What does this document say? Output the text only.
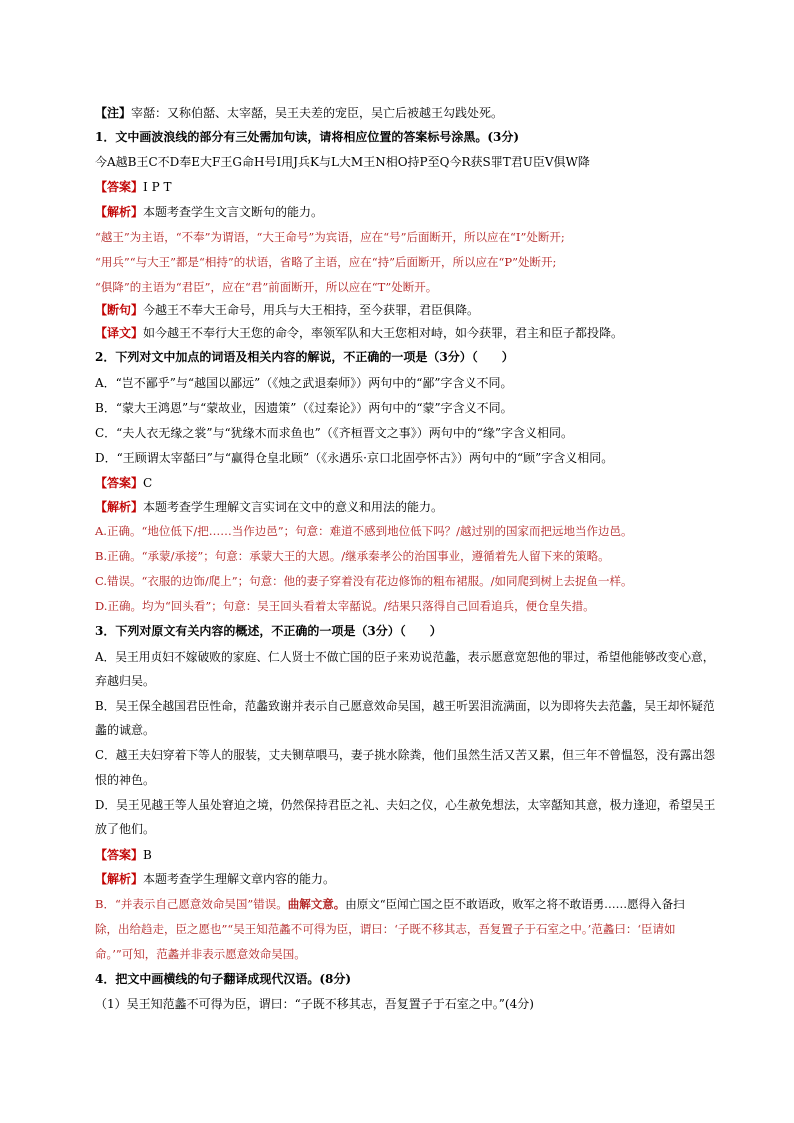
【注】宰嚭：又称伯嚭、太宰嚭，吴王夫差的宠臣，吴亡后被越王勾践处死。
1．文中画波浪线的部分有三处需加句读，请将相应位置的答案标号涂黑。(3分)
今A越B王C不D奉E大F王G命H号I用J兵K与L大M王N相O持P至Q今R获S罪T君U臣V俱W降
【答案】I P T
【解析】本题考查学生文言文断句的能力。
“越王”为主语，“不奉”为谓语，“大王命号”为宾语，应在“号”后面断开，所以应在“I”处断开;
“用兵”“与大王”都是“相持”的状语，省略了主语，应在“持”后面断开，所以应在“P”处断开;
“俱降”的主语为“君臣”，应在“君”前面断开，所以应在“T”处断开。
【断句】今越王不奉大王命号，用兵与大王相持，至今获罪，君臣俱降。
【译文】如今越王不奉行大王您的命令，率领军队和大王您相对峙，如今获罪，君主和臣子都投降。
2．下列对文中加点的词语及相关内容的解说，不正确的一项是（3分）（　　）
A．“岂不鄙乎”与“越国以鄙远”（《烛之武退秦师》）两句中的“鄙”字含义不同。
B．“蒙大王鸿恩”与“蒙故业，因遗策”（《过秦论》）两句中的“蒙”字含义不同。
C．“夫人衣无缘之裳”与“犹缘木而求鱼也”（《齐桓晋文之事》）两句中的“缘”字含义相同。
D．“王顾谓太宰嚭曰”与“赢得仓皇北顾”（《永遇乐·京口北固亭怀古》）两句中的“顾”字含义相同。
【答案】C
【解析】本题考查学生理解文言实词在文中的意义和用法的能力。
A.正确。“地位低下/把……当作边邑”；句意：难道不感到地位低下吗？/越过别的国家而把远地当作边邑。
B.正确。“承蒙/承接”；句意：承蒙大王的大恩。/继承秦孝公的治国事业，遵循着先人留下来的策略。
C.错误。“衣服的边饰/爬上”；句意：他的妻子穿着没有花边修饰的粗布裙服。/如同爬到树上去捉鱼一样。
D.正确。均为“回头看”；句意：吴王回头看着太宰嚭说。/结果只落得自己回看追兵，便仓皇失措。
3．下列对原文有关内容的概述，不正确的一项是（3分）（　　）
A．吴王用贞妇不嫁破败的家庭、仁人贤士不做亡国的臣子来劝说范蠡，表示愿意宽恕他的罪过，希望他能够改变心意，
弃越归吴。
B．吴王保全越国君臣性命，范蠡致谢并表示自己愿意效命吴国，越王听罢泪流满面，以为即将失去范蠡，吴王却怀疑范
蠡的诚意。
C．越王夫妇穿着下等人的服装，丈夫铡草喂马，妻子挑水除粪，他们虽然生活又苦又累，但三年不曾愠怒，没有露出怨
恨的神色。
D．吴王见越王等人虽处窘迫之境，仍然保持君臣之礼、夫妇之仪，心生赦免想法，太宰嚭知其意，极力逢迎，希望吴王
放了他们。
【答案】B
【解析】本题考查学生理解文章内容的能力。
B．“并表示自己愿意效命吴国”错误。曲解文意。由原文“臣闻亡国之臣不敢语政，败军之将不敢语勇……愿得入备扫
除，出给趋走，臣之愿也”“吴王知范蠡不可得为臣，谓曰：‘子既不移其志，吾复置子于石室之中。’范蠡曰：‘臣请如
命。’”可知，范蠡并非表示愿意效命吴国。
4．把文中画横线的句子翻译成现代汉语。(8分)
（1）吴王知范蠡不可得为臣，谓曰：“子既不移其志，吾复置子于石室之中。”(4分)
